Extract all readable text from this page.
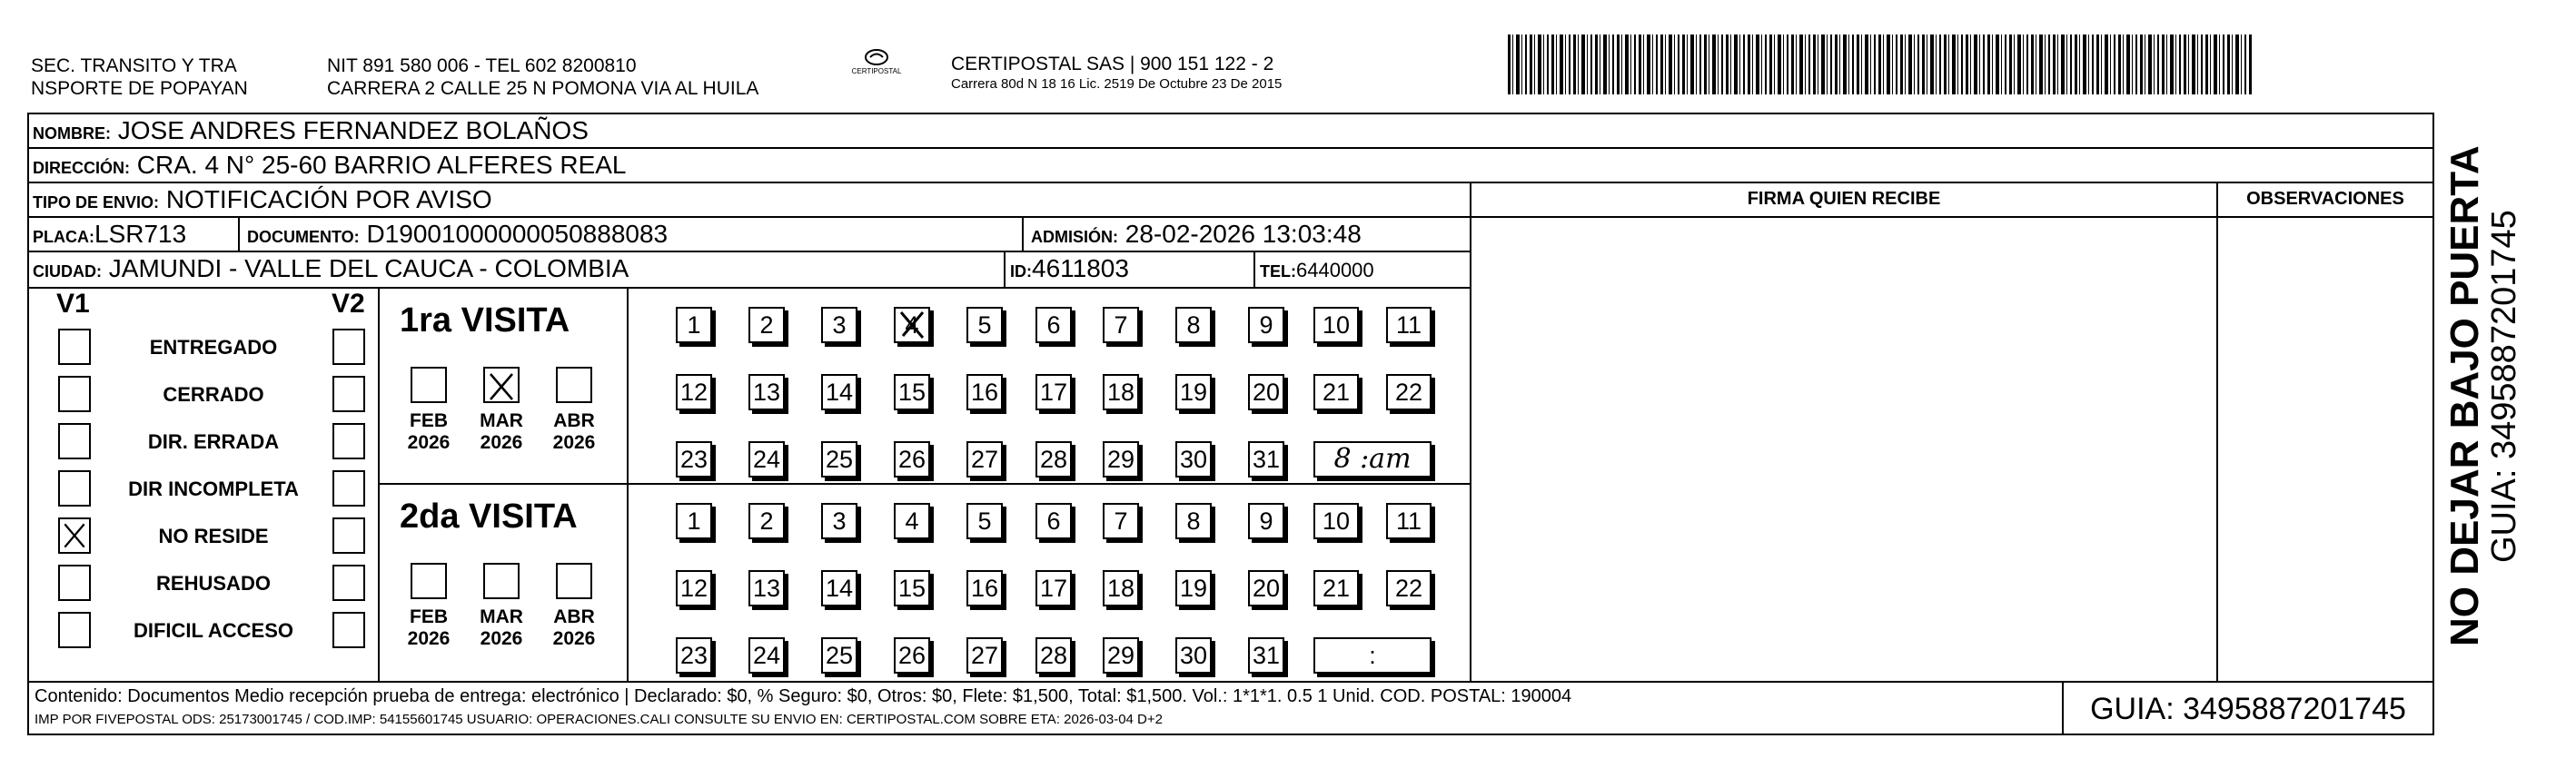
SEC. TRANSITO Y TRA
NSPORTE DE POPAYAN
NIT 891 580 006 - TEL 602 8200810
CARRERA 2 CALLE 25 N POMONA VIA AL HUILA
CERTIPOSTAL	CERTIPOSTAL SAS | 900 151 122 - 2
Carrera 80d N 18 16 Lic. 2519 De Octubre 23 De 2015
NOMBRE: JOSE ANDRES FERNANDEZ BOLAÑOS
DIRECCIÓN: CRA. 4 N° 25-60 BARRIO ALFERES REAL
TIPO DE ENVIO: NOTIFICACIÓN POR AVISO
PLACA:LSR713	DOCUMENTO: D19001000000050888083	ADMISIÓN: 28-02-2026 13:03:48
CIUDAD: JAMUNDI - VALLE DEL CAUCA - COLOMBIA	ID:4611803	TEL:6440000
FIRMA QUIEN RECIBE	OBSERVACIONES
V1	V2
ENTREGADO
CERRADO
DIR. ERRADA
DIR INCOMPLETA
NO RESIDE
REHUSADO
DIFICIL ACCESO
1ra VISITA
FEB
2026
MAR
2026
ABR
2026
1	2	3	4	5	6	7	8	9	10	11
12 13 14 15 16 17 18 19 20	21	22
23 24 25 26 27 28 29 30 31	8 :am
2da VISITA
FEB
2026
MAR
2026
ABR
2026
1	2	3	4	5	6	7	8	9	10	11
12 13 14 15 16 17 18 19 20	21	22
23 24 25 26 27 28 29 30 31	:
Contenido: Documentos Medio recepción prueba de entrega: electrónico | Declarado: $0, % Seguro: $0, Otros: $0, Flete: $1,500, Total: $1,500. Vol.: 1*1*1. 0.5 1 Unid. COD. POSTAL: 190004
IMP POR FIVEPOSTAL ODS: 25173001745 / COD.IMP: 54155601745 USUARIO: OPERACIONES.CALI CONSULTE SU ENVIO EN: CERTIPOSTAL.COM SOBRE ETA: 2026-03-04 D+2	GUIA: 3495887201745
NO DEJAR BAJO PUERTA
GUIA: 3495887201745
